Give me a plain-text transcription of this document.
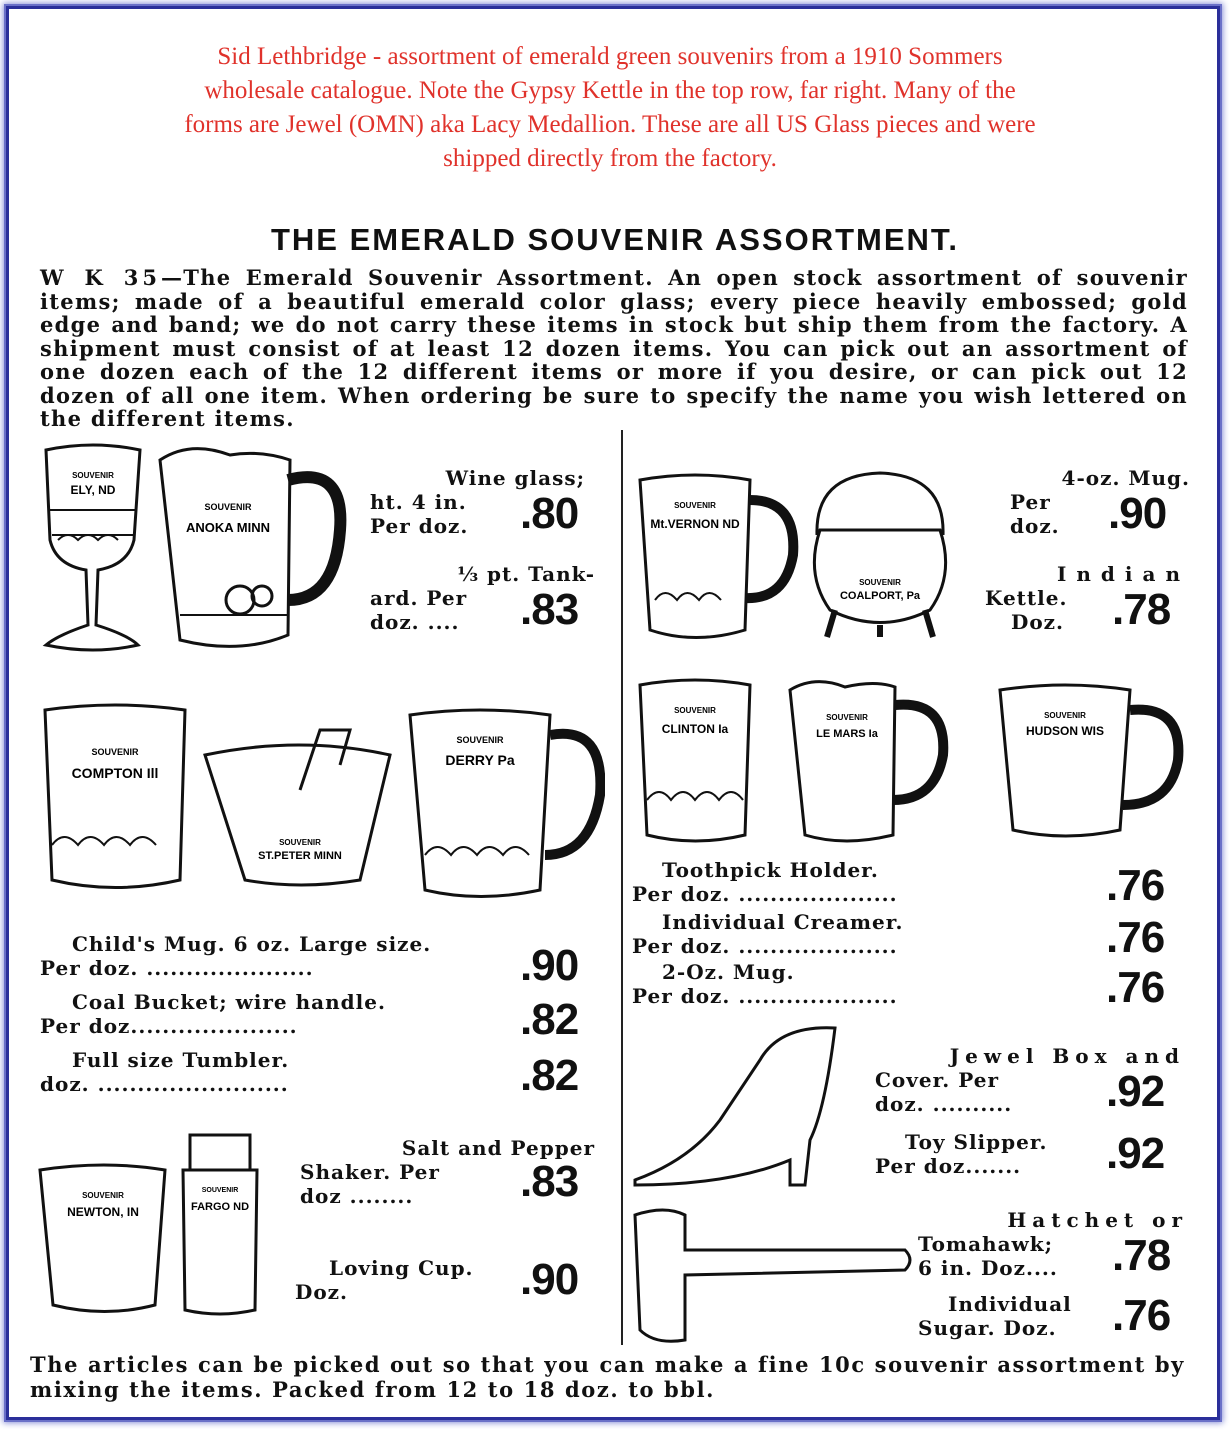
Sid Lethbridge - assortment of emerald green souvenirs from a 1910 Sommers
wholesale catalogue. Note the Gypsy Kettle in the top row, far right. Many of the
forms are Jewel (OMN) aka Lacy Medallion. These are all US Glass pieces and were
shipped directly from the factory.
THE EMERALD SOUVENIR ASSORTMENT.
W K 35—The Emerald Souvenir Assortment. An open stock assortment of souvenir items; made of a beautiful emerald color glass; every piece heavily embossed; gold edge and band; we do not carry these items in stock but ship them from the factory. A shipment must consist of at least 12 dozen items. You can pick out an assortment of one dozen each of the 12 different items or more if you desire, or can pick out 12 dozen of all one item. When ordering be sure to specify the name you wish lettered on the different items.
SOUVENIR
ELY, ND
SOUVENIR
ANOKA MINN
SOUVENIR
Mt.VERNON ND
SOUVENIR
COALPORT, Pa
SOUVENIR
COMPTON Ill
SOUVENIR
ST.PETER MINN
SOUVENIR
DERRY Pa
SOUVENIR
CLINTON Ia
SOUVENIR
LE MARS Ia
SOUVENIR
HUDSON WIS
SOUVENIR
NEWTON, IN
SOUVENIR
FARGO ND
Wine glass;
ht. 4 in.
Per doz.	.80
⅓ pt. Tank-
ard. Per
doz. ....	.83
Child's Mug. 6 oz. Large size.
Per doz. .....................	.90
Coal Bucket; wire handle.
Per doz.....................	.82
Full size Tumbler.
doz. ........................	.82
Salt and Pepper
Shaker. Per
doz ........	.83
Loving Cup.
Doz.	.90
4-oz. Mug.
Per
doz.	.90
Indian
Kettle.
Doz.	.78
Toothpick Holder.
Per doz. ....................	.76
Individual Creamer.
Per doz. ....................	.76
2-Oz. Mug.
Per doz. ....................	.76
Jewel Box and
Cover. Per
doz. ..........	.92
Toy Slipper.
Per doz.......	.92
Hatchet or
Tomahawk;
6 in. Doz....	.78
Individual
Sugar. Doz.	.76
The articles can be picked out so that you can make a fine 10c souvenir assortment by mixing the items. Packed from 12 to 18 doz. to bbl.
